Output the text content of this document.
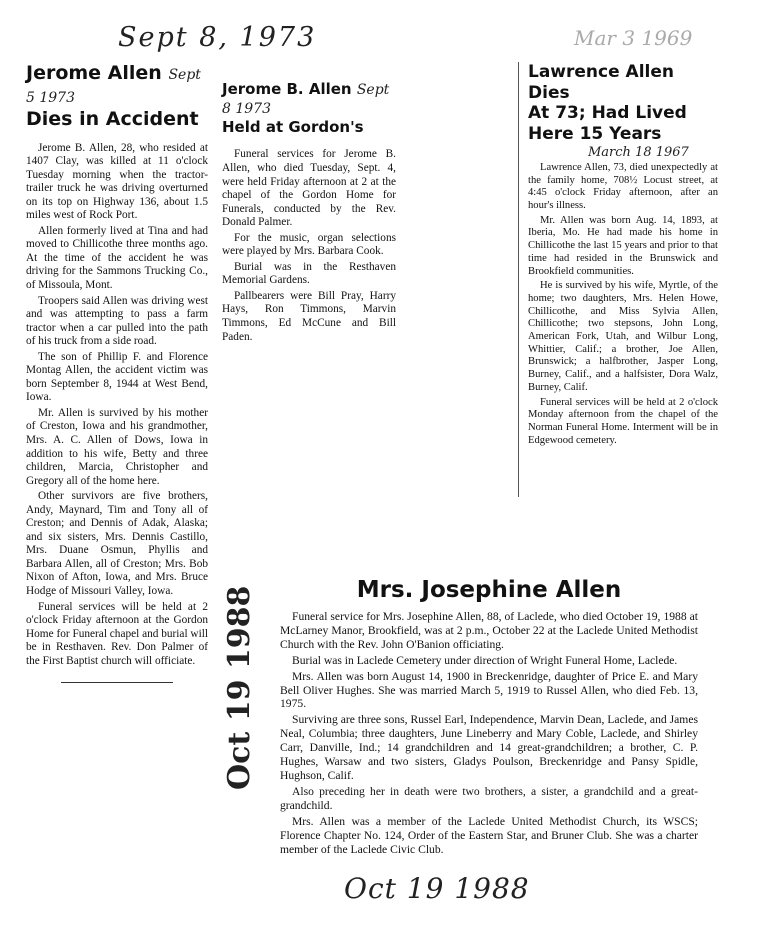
Sept 8, 1973	Mar 3 1969
Jerome Allen Sept 5 1973
Dies in Accident

Jerome B. Allen, 28, who resided at 1407 Clay, was killed at 11 o'clock Tuesday morning when the tractor-trailer truck he was driving overturned on its top on Highway 136, about 1.5 miles west of Rock Port.

Allen formerly lived at Tina and had moved to Chillicothe three months ago. At the time of the accident he was driving for the Sammons Trucking Co., of Missoula, Mont.

Troopers said Allen was driving west and was attempting to pass a farm tractor when a car pulled into the path of his truck from a side road.

The son of Phillip F. and Florence Montag Allen, the accident victim was born September 8, 1944 at West Bend, Iowa.

Mr. Allen is survived by his mother of Creston, Iowa and his grandmother, Mrs. A. C. Allen of Dows, Iowa in addition to his wife, Betty and three children, Marcia, Christopher and Gregory all of the home here.

Other survivors are five brothers, Andy, Maynard, Tim and Tony all of Creston; and Dennis of Adak, Alaska; and six sisters, Mrs. Dennis Castillo, Mrs. Duane Osmun, Phyllis and Barbara Allen, all of Creston; Mrs. Bob Nixon of Afton, Iowa, and Mrs. Bruce Hodge of Missouri Valley, Iowa.

Funeral services will be held at 2 o'clock Friday afternoon at the Gordon Home for Funeral chapel and burial will be in Resthaven. Rev. Don Palmer of the First Baptist church will officiate.

Jerome B. Allen Sept 8 1973
Held at Gordon's

Funeral services for Jerome B. Allen, who died Tuesday, Sept. 4, were held Friday afternoon at 2 at the chapel of the Gordon Home for Funerals, conducted by the Rev. Donald Palmer.

For the music, organ selections were played by Mrs. Barbara Cook.

Burial was in the Resthaven Memorial Gardens.

Pallbearers were Bill Pray, Harry Hays, Ron Timmons, Marvin Timmons, Ed McCune and Bill Paden.

Lawrence Allen Dies
At 73; Had Lived
Here 15 Years
March 18 1967

Lawrence Allen, 73, died unexpectedly at the family home, 708½ Locust street, at 4:45 o'clock Friday afternoon, after an hour's illness.

Mr. Allen was born Aug. 14, 1893, at Iberia, Mo. He had made his home in Chillicothe the last 15 years and prior to that time had resided in the Brunswick and Brookfield communities.

He is survived by his wife, Myrtle, of the home; two daughters, Mrs. Helen Howe, Chillicothe, and Miss Sylvia Allen, Chillicothe; two stepsons, John Long, American Fork, Utah, and Wilbur Long, Whittier, Calif.; a brother, Joe Allen, Brunswick; a halfbrother, Jasper Long, Burney, Calif., and a halfsister, Dora Walz, Burney, Calif.

Funeral services will be held at 2 o'clock Monday afternoon from the chapel of the Norman Funeral Home. Interment will be in Edgewood cemetery.

Oct 19 1988	Mrs. Josephine Allen

Funeral service for Mrs. Josephine Allen, 88, of Laclede, who died October 19, 1988 at McLarney Manor, Brookfield, was at 2 p.m., October 22 at the Laclede United Methodist Church with the Rev. John O'Banion officiating.

Burial was in Laclede Cemetery under direction of Wright Funeral Home, Laclede.

Mrs. Allen was born August 14, 1900 in Breckenridge, daughter of Price E. and Mary Bell Oliver Hughes. She was married March 5, 1919 to Russel Allen, who died Feb. 13, 1975.

Surviving are three sons, Russel Earl, Independence, Marvin Dean, Laclede, and James Neal, Columbia; three daughters, June Lineberry and Mary Coble, Laclede, and Shirley Carr, Danville, Ind.; 14 grandchildren and 14 great-grandchildren; a brother, C. P. Hughes, Warsaw and two sisters, Gladys Poulson, Breckenridge and Pansy Spidle, Hughson, Calif.

Also preceding her in death were two brothers, a sister, a grandchild and a great-grandchild.

Mrs. Allen was a member of the Laclede United Methodist Church, its WSCS; Florence Chapter No. 124, Order of the Eastern Star, and Bruner Club. She was a charter member of the Laclede Civic Club.

Oct 19 1988
